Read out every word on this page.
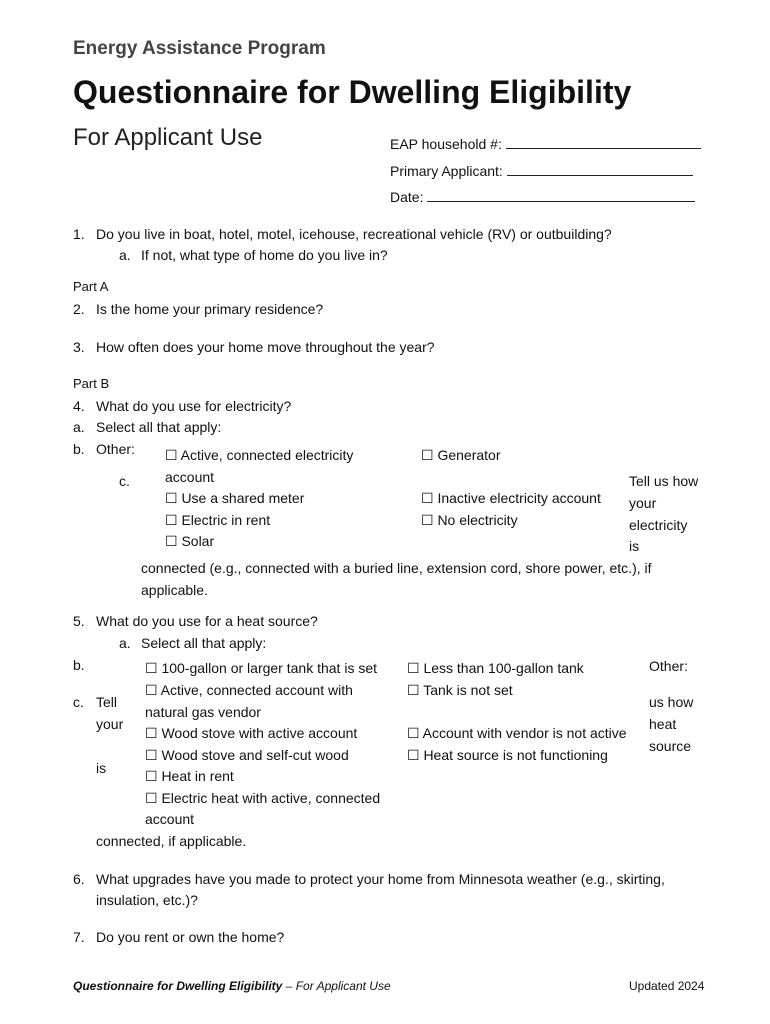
Energy Assistance Program
Questionnaire for Dwelling Eligibility
For Applicant Use	EAP household #:
Primary Applicant:
Date:
1. Do you live in boat, hotel, motel, icehouse, recreational vehicle (RV) or outbuilding?
a. If not, what type of home do you live in?
Part A
2. Is the home your primary residence?
3. How often does your home move throughout the year?
Part B
4. What do you use for electricity?
a. Select all that apply:
b. Other: ☐ Active, connected electricity
account
☐ Use a shared meter
☐ Electric in rent
☐ Solar
☐ Generator
☐ Inactive electricity account
☐ No electricity
c.	Tell us how
your
electricity
is
connected (e.g., connected with a buried line, extension cord, shore power, etc.), if
applicable.
5. What do you use for a heat source?
a. Select all that apply:
b.	Other:
☐ 100-gallon or larger tank that is set
☐ Active, connected account with
natural gas vendor
☐ Wood stove with active account
☐ Wood stove and self-cut wood
☐ Heat in rent
☐ Electric heat with active, connected
account
☐ Less than 100-gallon tank
☐ Tank is not set
☐ Account with vendor is not active
☐ Heat source is not functioning
c. Tell
your
is
us how
heat
source
connected, if applicable.
6. What upgrades have you made to protect your home from Minnesota weather (e.g., skirting,
insulation, etc.)?
7. Do you rent or own the home?
Questionnaire for Dwelling Eligibility – For Applicant Use	Updated 2024
